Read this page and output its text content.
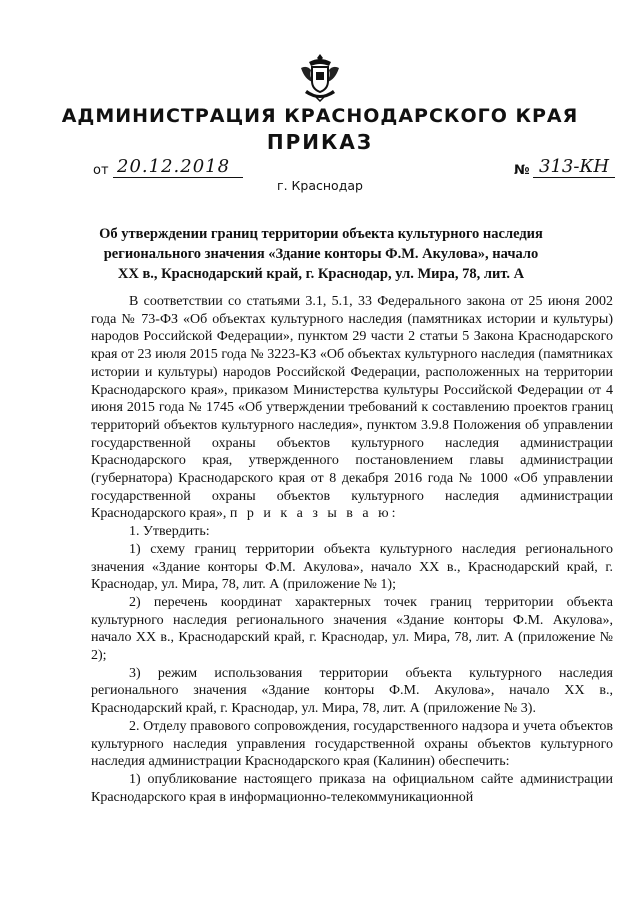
АДМИНИСТРАЦИЯ КРАСНОДАРСКОГО КРАЯ
ПРИКАЗ
от 20.12.2018	№ 313-КН
г. Краснодар
Об утверждении границ территории объекта культурного наследия регионального значения «Здание конторы Ф.М. Акулова», начало XX в., Краснодарский край, г. Краснодар, ул. Мира, 78, лит. А

В соответствии со статьями 3.1, 5.1, 33 Федерального закона от 25 июня 2002 года № 73-ФЗ «Об объектах культурного наследия (памятниках истории и культуры) народов Российской Федерации», пунктом 29 части 2 статьи 5 Закона Краснодарского края от 23 июля 2015 года № 3223-КЗ «Об объектах культурного наследия (памятниках истории и культуры) народов Российской Федерации, расположенных на территории Краснодарского края», приказом Министерства культуры Российской Федерации от 4 июня 2015 года № 1745 «Об утверждении требований к составлению проектов границ территорий объектов культурного наследия», пунктом 3.9.8 Положения об управлении государственной охраны объектов культурного наследия администрации Краснодарского края, утвержденного постановлением главы администрации (губернатора) Краснодарского края от 8 декабря 2016 года № 1000 «Об управлении государственной охраны объектов культурного наследия администрации Краснодарского края», п р и к а з ы в а ю:

1. Утвердить:

1) схему границ территории объекта культурного наследия регионального значения «Здание конторы Ф.М. Акулова», начало XX в., Краснодарский край, г. Краснодар, ул. Мира, 78, лит. А (приложение № 1);

2) перечень координат характерных точек границ территории объекта культурного наследия регионального значения «Здание конторы Ф.М. Акулова», начало XX в., Краснодарский край, г. Краснодар, ул. Мира, 78, лит. А (приложение № 2);

3) режим использования территории объекта культурного наследия регионального значения «Здание конторы Ф.М. Акулова», начало XX в., Краснодарский край, г. Краснодар, ул. Мира, 78, лит. А (приложение № 3).

2. Отделу правового сопровождения, государственного надзора и учета объектов культурного наследия управления государственной охраны объектов культурного наследия администрации Краснодарского края (Калинин) обеспечить:

1) опубликование настоящего приказа на официальном сайте администрации Краснодарского края в информационно-телекоммуникационной
